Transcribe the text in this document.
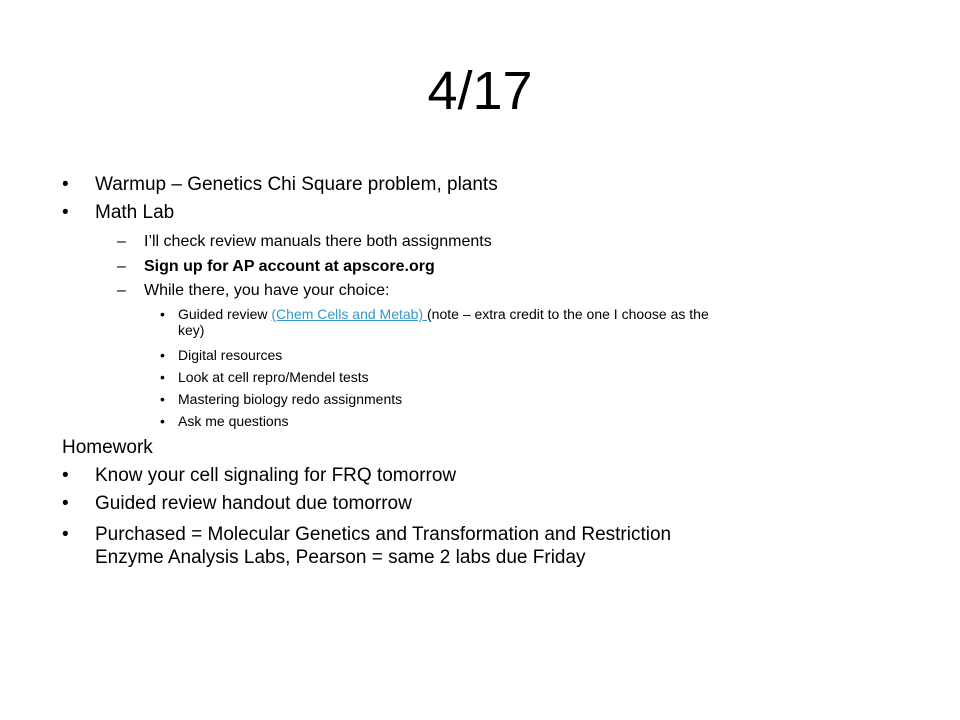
4/17
• Warmup – Genetics Chi Square problem, plants
• Math Lab
– I’ll check review manuals there both assignments
– Sign up for AP account at apscore.org
– While there, you have your choice:
• Guided review (Chem Cells and Metab) (note – extra credit to the one I choose as the
key)
• Digital resources
• Look at cell repro/Mendel tests
• Mastering biology redo assignments
• Ask me questions
Homework
• Know your cell signaling for FRQ tomorrow
• Guided review handout due tomorrow
• Purchased = Molecular Genetics and Transformation and Restriction
Enzyme Analysis Labs, Pearson = same 2 labs due Friday
